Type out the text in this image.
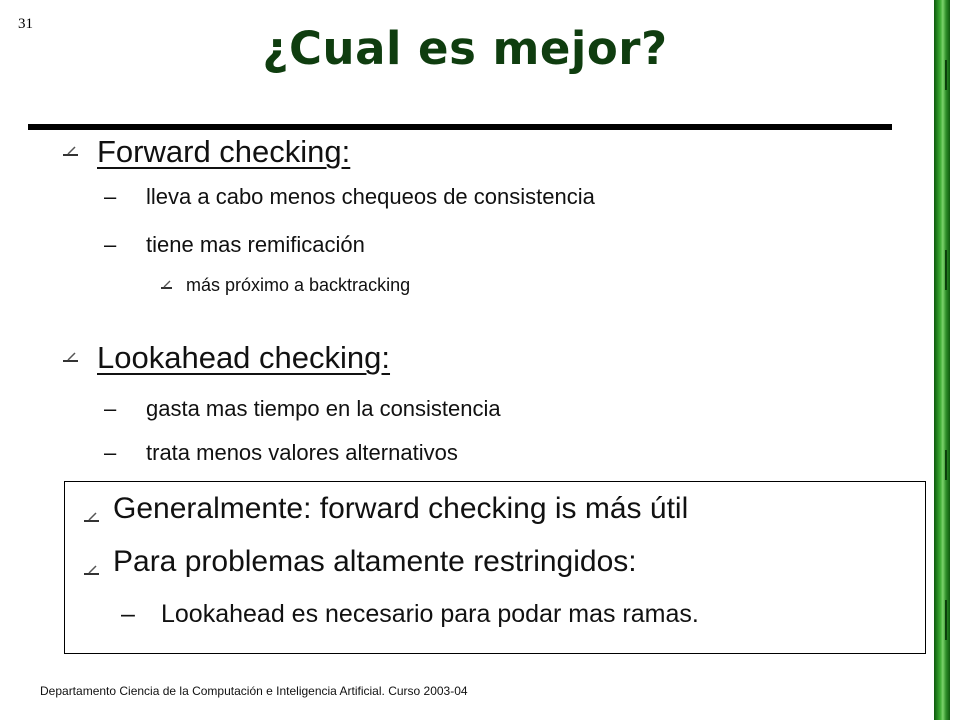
31	¿Cual es mejor?
Forward checking:
– lleva a cabo menos chequeos de consistencia
– tiene mas remificación
más próximo a backtracking
Lookahead checking:
– gasta mas tiempo en la consistencia
– trata menos valores alternativos
Generalmente: forward checking is más útil
Para problemas altamente restringidos:
– Lookahead es necesario para podar mas ramas.
Departamento Ciencia de la Computación e Inteligencia Artificial. Curso 2003-04
